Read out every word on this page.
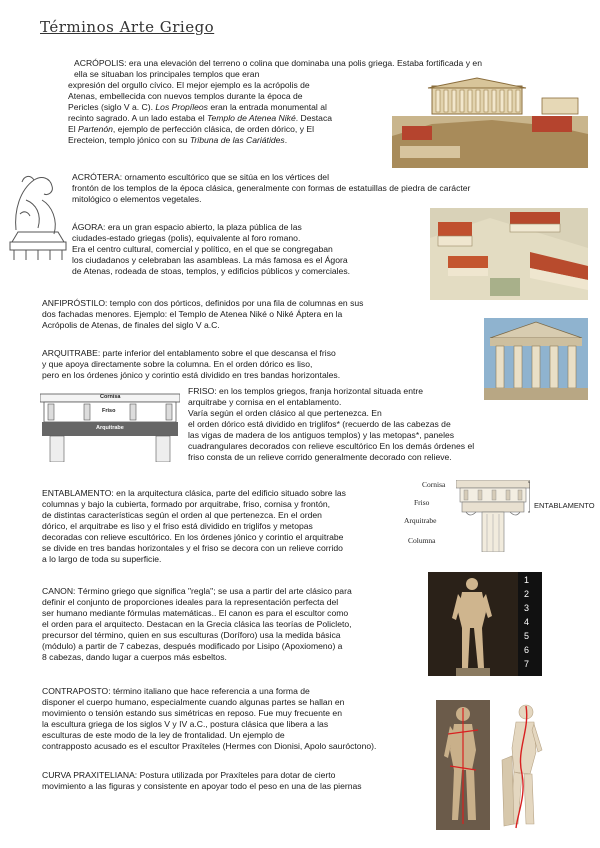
Términos Arte Griego

ACRÓPOLIS: era una elevación del terreno o colina que dominaba una polis griega. Estaba fortificada y en

ella se situaban los principales templos que eran

expresión del orgullo cívico. El mejor ejemplo es la acrópolis de

Atenas, embellecida con nuevos templos durante la época de

Pericles (siglo V a. C). Los Propíleos eran la entrada monumental al

recinto sagrado. A un lado estaba el Templo de Atenea Niké. Destaca

El Partenón, ejemplo de perfección clásica, de orden dórico, y El

Erecteion, templo jónico con su Tribuna de las Cariátides.

ACRÓTERA: ornamento escultórico que se sitúa en los vértices del

frontón de los templos de la época clásica, generalmente con formas de estatuillas de piedra de carácter

mitológico o elementos vegetales.

ÁGORA: era un gran espacio abierto, la plaza pública de las

ciudades-estado griegas (polis), equivalente al foro romano.

Era el centro cultural, comercial y político, en el que se congregaban

los ciudadanos y celebraban las asambleas. La más famosa es el Ágora

de Atenas, rodeada de stoas, templos, y edificios públicos y comerciales.

ANFIPRÓSTILO: templo con dos pórticos, definidos por una fila de columnas en sus

dos fachadas menores. Ejemplo: el Templo de Atenea Niké o Niké Áptera en la

Acrópolis de Atenas, de finales del siglo V a.C.

ARQUITRABE: parte inferior del entablamento sobre el que descansa el friso

y que apoya directamente sobre la columna. En el orden dórico es liso,

pero en los órdenes jónico y corintio está dividido en tres bandas horizontales.

Cornisa
Friso
Arquitrabe

FRISO: en los templos griegos, franja horizontal situada entre

arquitrabe y cornisa en el entablamento.

Varía según el orden clásico al que pertenezca. En

el orden dórico está dividido en triglifos* (recuerdo de las cabezas de

las vigas de madera de los antiguos templos) y las metopas*, paneles

cuadrangulares decorados con relieve escultórico En los demás órdenes el

friso consta de un relieve corrido generalmente decorado con relieve.

ENTABLAMENTO: en la arquitectura clásica, parte del edificio situado sobre las

columnas y bajo la cubierta, formado por arquitrabe, friso, cornisa y frontón,

de distintas características según el orden al que pertenezca. En el orden

dórico, el arquitrabe es liso y el friso está dividido en triglifos y metopas

decoradas con relieve escultórico. En los órdenes jónico y corintio el arquitrabe

se divide en tres bandas horizontales y el friso se decora con un relieve corrido

a lo largo de toda su superficie.

Cornisa
Friso
Arquitrabe
Columna
ENTABLAMENTO

CANON: Término griego que significa "regla"; se usa a partir del arte clásico para

definir el conjunto de proporciones ideales para la representación perfecta del

ser humano mediante fórmulas matemáticas.. El canon es para el escultor como

el orden para el arquitecto. Destacan en la Grecia clásica las teorías de Policleto,

precursor del término, quien en sus esculturas (Doríforo) usa la medida básica

(módulo) a partir de 7 cabezas, después modificado por Lisipo (Apoxiomeno) a

8 cabezas, dando lugar a cuerpos más esbeltos.

1
2
3
4
5
6
7

CONTRAPOSTO: término italiano que hace referencia a una forma de

disponer el cuerpo humano, especialmente cuando algunas partes se hallan en

movimiento o tensión estando sus simétricas en reposo. Fue muy frecuente en

la escultura griega de los siglos V y IV a.C., postura clásica que libera a las

esculturas de este modo de la ley de frontalidad. Un ejemplo de

contrapposto acusado es el escultor Praxíteles (Hermes con Dionisi, Apolo sauróctono).

CURVA PRAXITELIANA: Postura utilizada por Praxíteles para dotar de cierto

movimiento a las figuras y consistente en apoyar todo el peso en una de las piernas
